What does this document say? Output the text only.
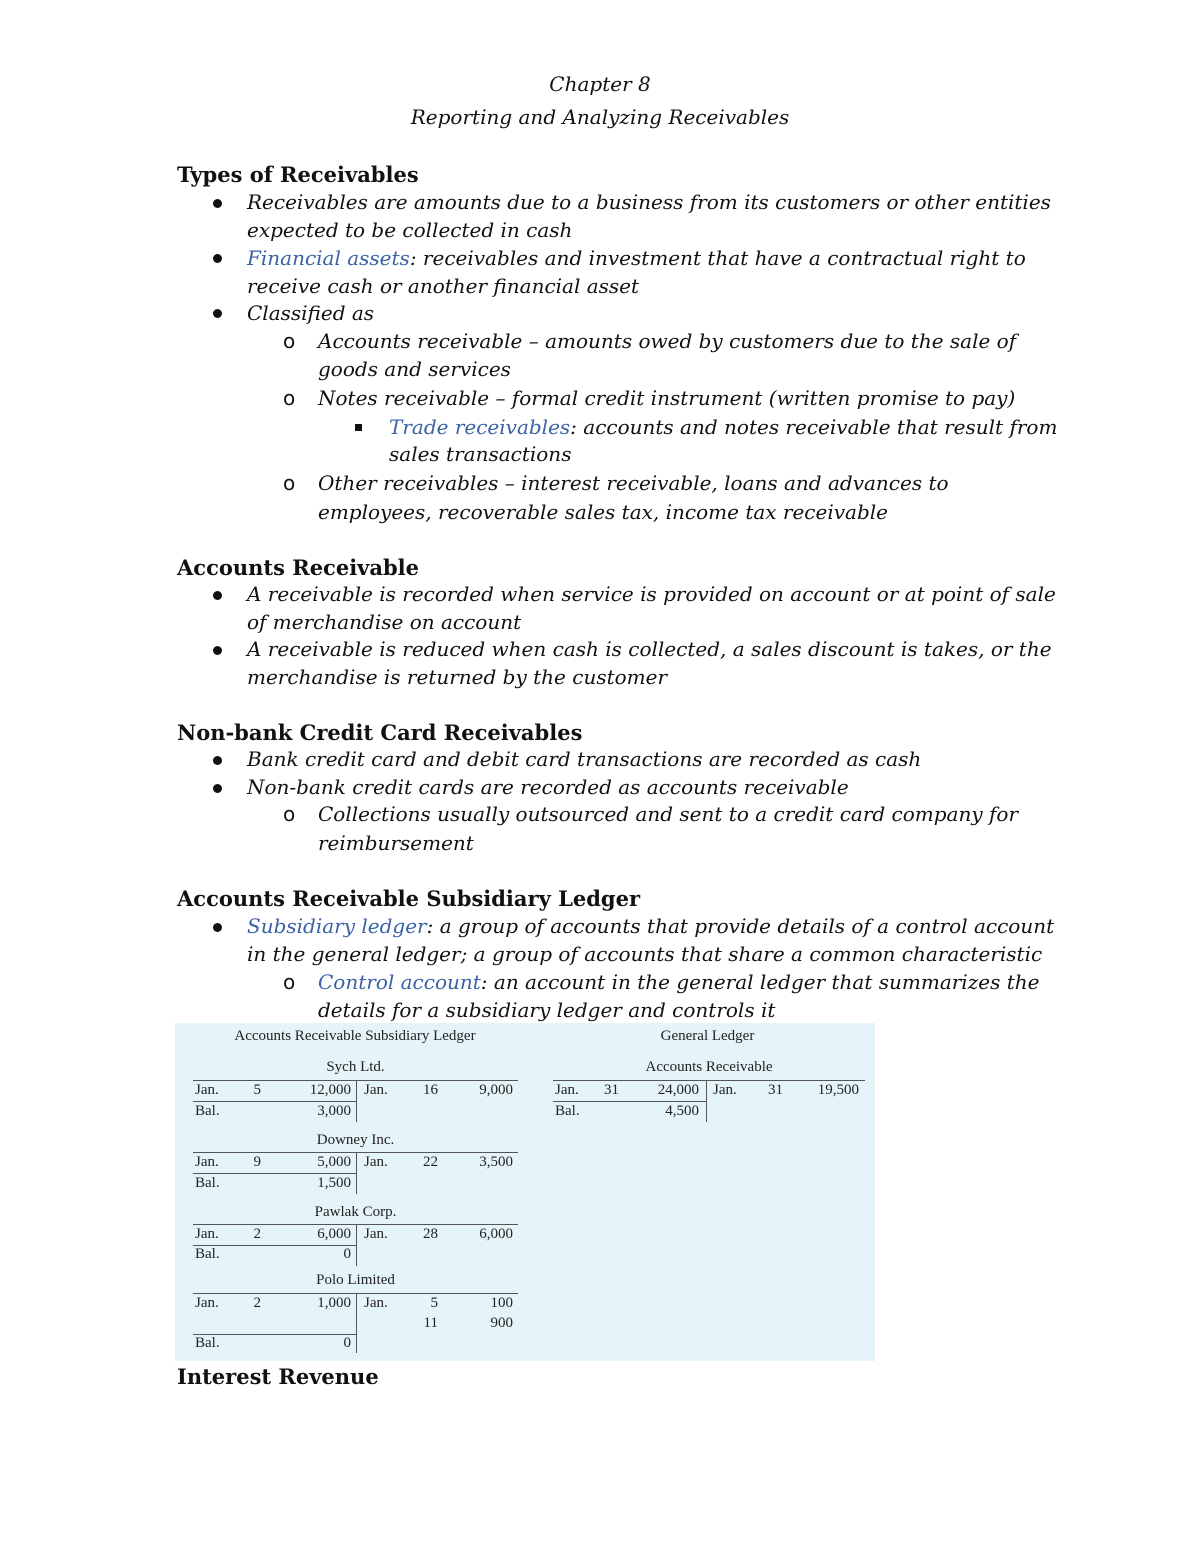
Chapter 8
Reporting and Analyzing Receivables
Types of Receivables
Receivables are amounts due to a business from its customers or other entities
expected to be collected in cash
Financial assets: receivables and investment that have a contractual right to
receive cash or another financial asset
Classified as
o Accounts receivable – amounts owed by customers due to the sale of
goods and services
o Notes receivable – formal credit instrument (written promise to pay)
Trade receivables: accounts and notes receivable that result from
sales transactions
o Other receivables – interest receivable, loans and advances to
employees, recoverable sales tax, income tax receivable
Accounts Receivable
A receivable is recorded when service is provided on account or at point of sale
of merchandise on account
A receivable is reduced when cash is collected, a sales discount is takes, or the
merchandise is returned by the customer
Non-bank Credit Card Receivables
Bank credit card and debit card transactions are recorded as cash
Non-bank credit cards are recorded as accounts receivable
o Collections usually outsourced and sent to a credit card company for
reimbursement
Accounts Receivable Subsidiary Ledger
Subsidiary ledger: a group of accounts that provide details of a control account
in the general ledger; a group of accounts that share a common characteristic
o Control account: an account in the general ledger that summarizes the
details for a subsidiary ledger and controls it
Accounts Receivable Subsidiary Ledger	General Ledger
Sych Ltd.
Jan.	5	12,000 Jan. 16	9,000
Bal.	3,000
Downey Inc.
Jan.	9	5,000 Jan. 22	3,500
Bal.	1,500
Pawlak Corp.
Jan.	2	6,000 Jan. 28	6,000
Bal.	0
Polo Limited
Jan.	2	1,000 Jan.	5	100
11	900
Bal.	0
Accounts Receivable
Jan.	31	24,000 Jan.	31	19,500
Bal.	4,500
Interest Revenue
